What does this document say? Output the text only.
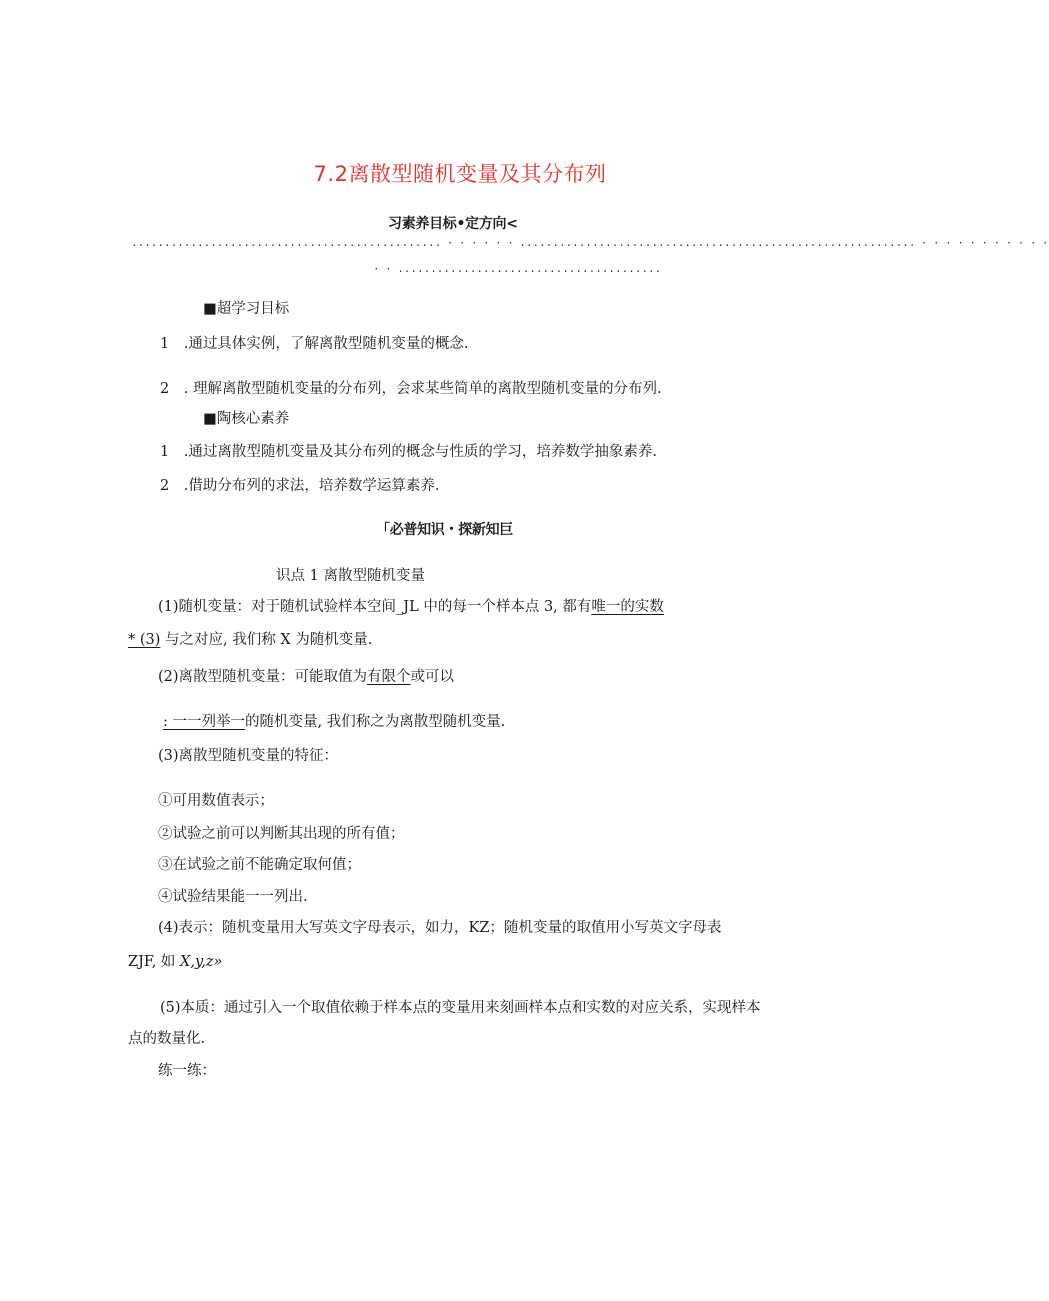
7.2离散型随机变量及其分布列
习素养目标•定方向<
............................................... · · · · · · ............................................................ · · · · · · · · · · ·
· · ........................................
■超学习目标
1 .通过具体实例，了解离散型随机变量的概念.
2 . 理解离散型随机变量的分布列，会求某些简单的离散型随机变量的分布列.
■陶核心素养
1 .通过离散型随机变量及其分布列的概念与性质的学习，培养数学抽象素养.
2 .借助分布列的求法，培养数学运算素养.
「必普知识・探新知巨
识点 1 离散型随机变量
(1)随机变量：对于随机试验样本空间_JL 中的每一个样本点 3, 都有唯一的实数
* (3) 与之对应, 我们称 X 为随机变量.
(2)离散型随机变量：可能取值为有限个或可以
: 一一列举一的随机变量, 我们称之为离散型随机变量.
(3)离散型随机变量的特征：
①可用数值表示；
②试验之前可以判断其出现的所有值；
③在试验之前不能确定取何值；
④试验结果能一一列出.
(4)表示：随机变量用大写英文字母表示，如力，KZ；随机变量的取值用小写英文字母表
ZJF, 如 X,y,z»
(5)本质：通过引入一个取值依赖于样本点的变量用来刻画样本点和实数的对应关系，实现样本
点的数量化.
练一练：
